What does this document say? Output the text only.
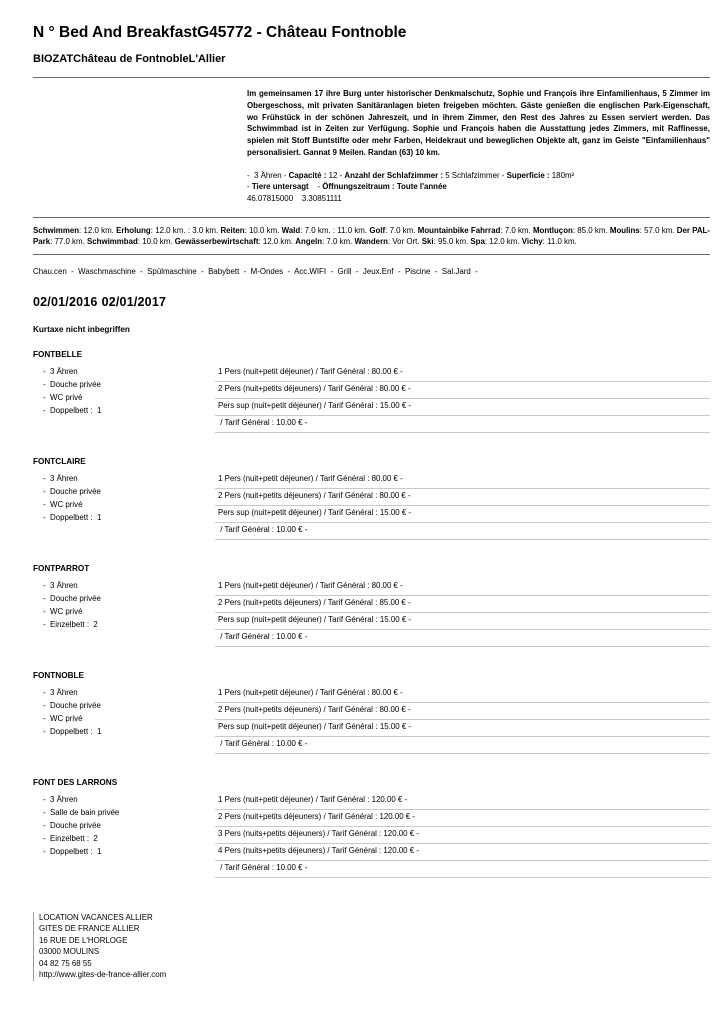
N ° Bed And BreakfastG45772 - Château Fontnoble
BIOZATChâteau de FontnobleL'Allier

Im gemeinsamen 17 ihre Burg unter historischer Denkmalschutz, Sophie und François ihre Einfamilienhaus, 5 Zimmer im Obergeschoss, mit privaten Sanitäranlagen bieten freigeben möchten. Gäste genießen die englischen Park-Eigenschaft, wo Frühstück in der schönen Jahreszeit, und in ihrem Zimmer, den Rest des Jahres zu Essen serviert werden. Das Schwimmbad ist in Zeiten zur Verfügung. Sophie und François haben die Ausstattung jedes Zimmers, mit Raffinesse, spielen mit Stoff Buntstifte oder mehr Farben, Heidekraut und beweglichen Objekte alt, ganz im Geiste "Einfamilienhaus" personalisiert. Gannat 9 Meilen. Randan (63) 10 km.

-  3 Ähren - Capacité : 12 - Anzahl der Schlafzimmer : 5 Schlafzimmer - Superficie : 180m²

- Tiere untersagt    - Öffnungszeitraum : Toute l'année

46.07815000    3.30851111

Schwimmen: 12.0 km. Erholung: 12.0 km. : 3.0 km. Reiten: 10.0 km. Wald: 7.0 km. : 11.0 km. Golf: 7.0 km. Mountainbike Fahrrad: 7.0 km. Montluçon: 85.0 km. Moulins: 57.0 km. Der PAL-Park: 77.0 km. Schwimmbad: 10.0 km. Gewässerbewirtschaft: 12.0 km. Angeln: 7.0 km. Wandern: Vor Ort. Ski: 95.0 km. Spa: 12.0 km. Vichy: 11.0 km.

Chau.cen  -  Waschmaschine  -  Spülmaschine  -  Babybett  -  M-Ondes  -  Acc.WIFI  -  Grill  -  Jeux.Enf  -  Piscine  -  Sal.Jard  -

02/01/2016 02/01/2017

Kurtaxe nicht inbegriffen

FONTBELLE
-  3 Ähren
-  Douche privée
-  WC privé
-  Doppelbett :  1
1 Pers (nuit+petit déjeuner) / Tarif Général : 80.00 € -
2 Pers (nuit+petits déjeuners) / Tarif Général : 80.00 € -
Pers sup (nuit+petit déjeuner) / Tarif Général : 15.00 € -
/ Tarif Général : 10.00 € -
FONTCLAIRE
-  3 Ähren
-  Douche privée
-  WC privé
-  Doppelbett :  1
1 Pers (nuit+petit déjeuner) / Tarif Général : 80.00 € -
2 Pers (nuit+petits déjeuners) / Tarif Général : 80.00 € -
Pers sup (nuit+petit déjeuner) / Tarif Général : 15.00 € -
/ Tarif Général : 10.00 € -
FONTPARROT
-  3 Ähren
-  Douche privée
-  WC privé
-  Einzelbett :  2
1 Pers (nuit+petit déjeuner) / Tarif Général : 80.00 € -
2 Pers (nuit+petits déjeuners) / Tarif Général : 85.00 € -
Pers sup (nuit+petit déjeuner) / Tarif Général : 15.00 € -
/ Tarif Général : 10.00 € -
FONTNOBLE
-  3 Ähren
-  Douche privée
-  WC privé
-  Doppelbett :  1
1 Pers (nuit+petit déjeuner) / Tarif Général : 80.00 € -
2 Pers (nuit+petits déjeuners) / Tarif Général : 80.00 € -
Pers sup (nuit+petit déjeuner) / Tarif Général : 15.00 € -
/ Tarif Général : 10.00 € -
FONT DES LARRONS
-  3 Ähren
-  Salle de bain privée
-  Douche privée
-  Einzelbett :  2
-  Doppelbett :  1
1 Pers (nuit+petit déjeuner) / Tarif Général : 120.00 € -
2 Pers (nuit+petits déjeuners) / Tarif Général : 120.00 € -
3 Pers (nuits+petits déjeuners) / Tarif Général : 120.00 € -
4 Pers (nuits+petits déjeuners) / Tarif Général : 120.00 € -
/ Tarif Général : 10.00 € -
LOCATION VACANCES ALLIER
GITES DE FRANCE ALLIER
16 RUE DE L'HORLOGE
03000 MOULINS
04 82 75 68 55
http://www.gites-de-france-allier.com
